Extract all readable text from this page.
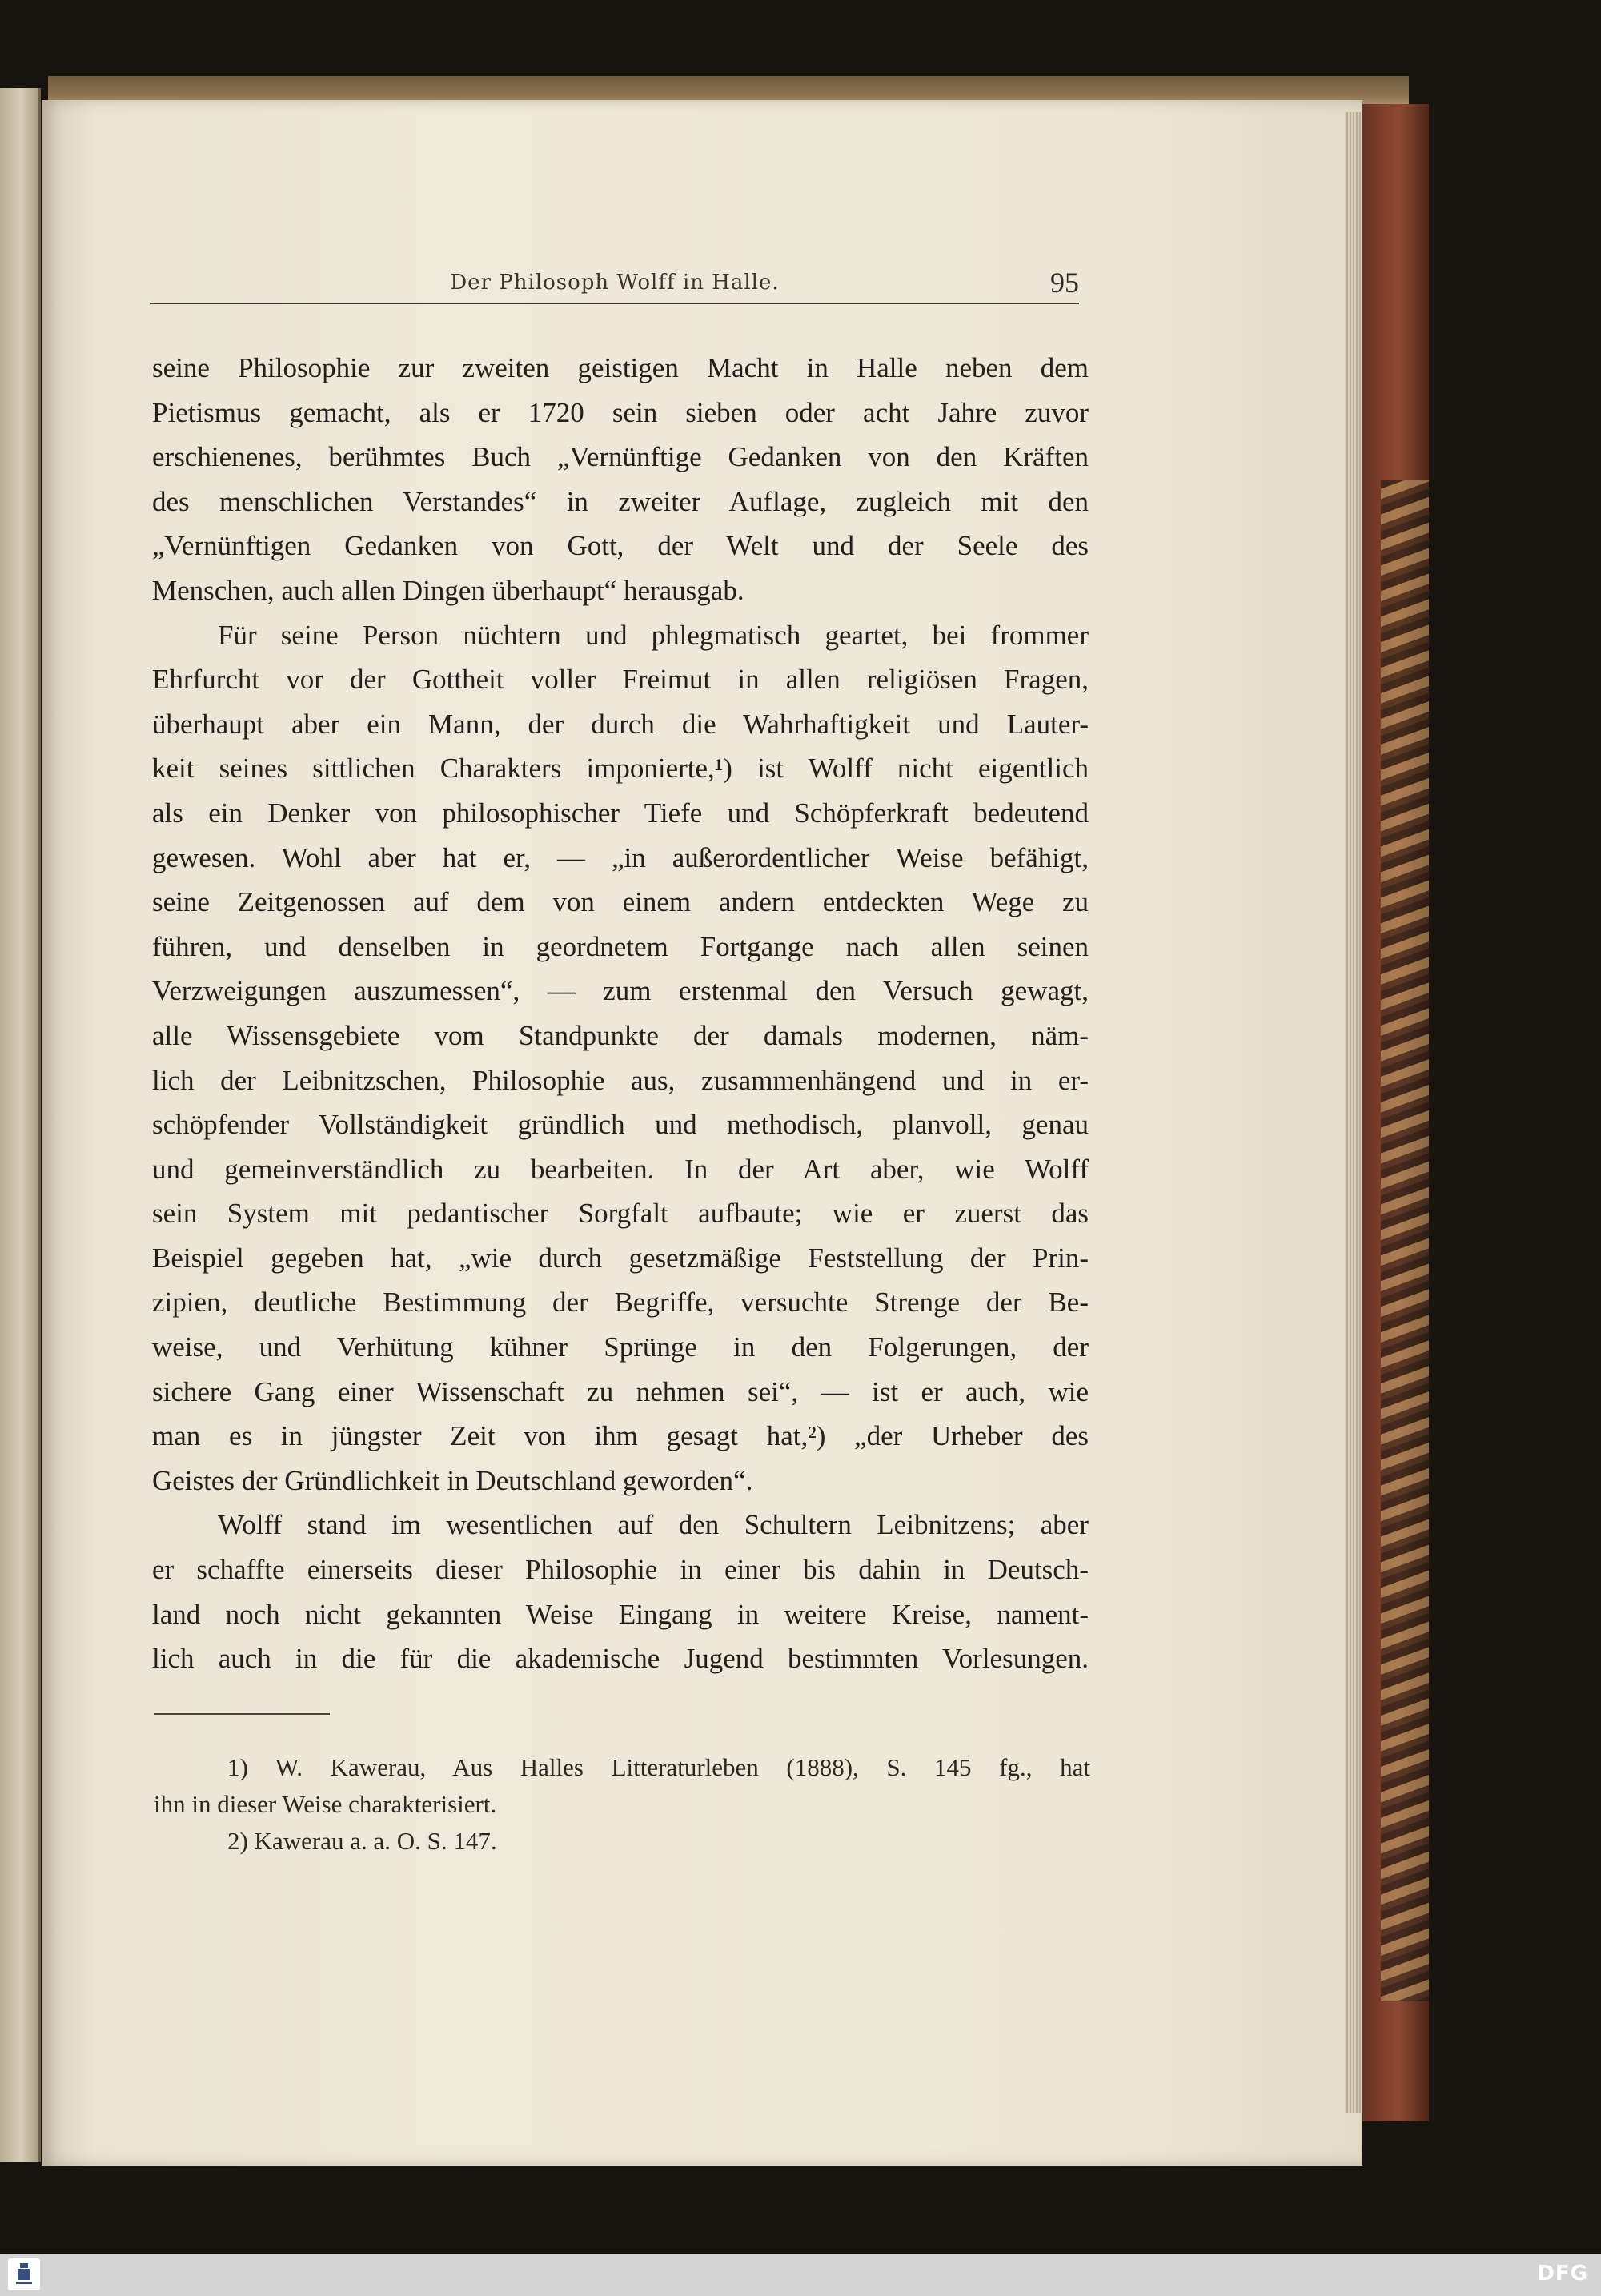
Der Philosoph Wolff in Halle.	95
seine Philosophie zur zweiten geistigen Macht in Halle neben dem
Pietismus gemacht, als er 1720 sein sieben oder acht Jahre zuvor
erschienenes, berühmtes Buch „Vernünftige Gedanken von den Kräften
des menschlichen Verstandes“ in zweiter Auflage, zugleich mit den
„Vernünftigen Gedanken von Gott, der Welt und der Seele des
Menschen, auch allen Dingen überhaupt“ herausgab.
Für seine Person nüchtern und phlegmatisch geartet, bei frommer
Ehrfurcht vor der Gottheit voller Freimut in allen religiösen Fragen,
überhaupt aber ein Mann, der durch die Wahrhaftigkeit und Lauter-
keit seines sittlichen Charakters imponierte,¹) ist Wolff nicht eigentlich
als ein Denker von philosophischer Tiefe und Schöpferkraft bedeutend
gewesen. Wohl aber hat er, — „in außerordentlicher Weise befähigt,
seine Zeitgenossen auf dem von einem andern entdeckten Wege zu
führen, und denselben in geordnetem Fortgange nach allen seinen
Verzweigungen auszumessen“, — zum erstenmal den Versuch gewagt,
alle Wissensgebiete vom Standpunkte der damals modernen, näm-
lich der Leibnitzschen, Philosophie aus, zusammenhängend und in er-
schöpfender Vollständigkeit gründlich und methodisch, planvoll, genau
und gemeinverständlich zu bearbeiten. In der Art aber, wie Wolff
sein System mit pedantischer Sorgfalt aufbaute; wie er zuerst das
Beispiel gegeben hat, „wie durch gesetzmäßige Feststellung der Prin-
zipien, deutliche Bestimmung der Begriffe, versuchte Strenge der Be-
weise, und Verhütung kühner Sprünge in den Folgerungen, der
sichere Gang einer Wissenschaft zu nehmen sei“, — ist er auch, wie
man es in jüngster Zeit von ihm gesagt hat,²) „der Urheber des
Geistes der Gründlichkeit in Deutschland geworden“.
Wolff stand im wesentlichen auf den Schultern Leibnitzens; aber
er schaffte einerseits dieser Philosophie in einer bis dahin in Deutsch-
land noch nicht gekannten Weise Eingang in weitere Kreise, nament-
lich auch in die für die akademische Jugend bestimmten Vorlesungen.
1) W. Kawerau, Aus Halles Litteraturleben (1888), S. 145 fg., hat
ihn in dieser Weise charakterisiert.
2) Kawerau a. a. O. S. 147.
DFG
